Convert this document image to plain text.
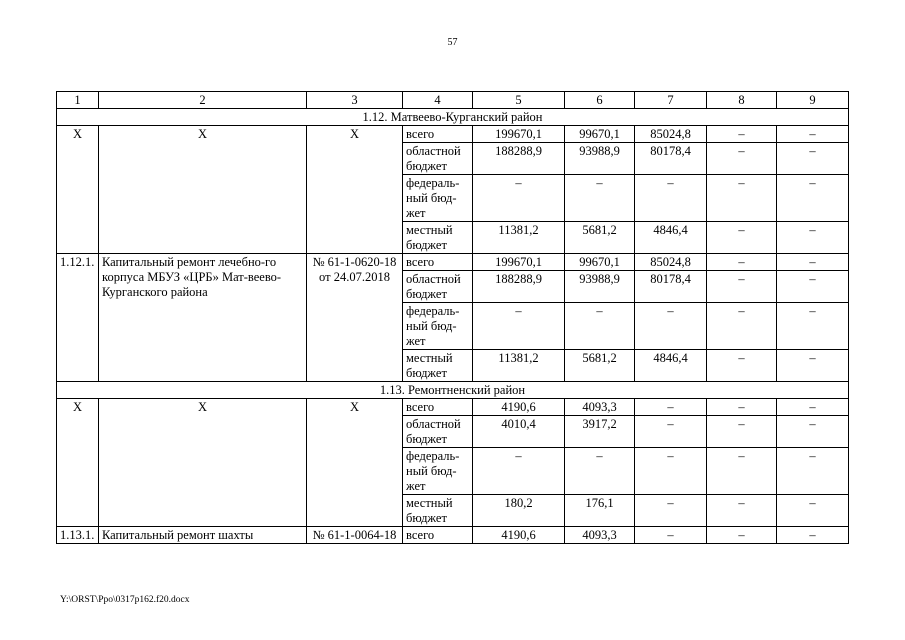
57
1	2	3	4	5	6	7	8	9
1.12. Матвеево-Курганский район								
Х	Х	Х	всего	199670,1	99670,1	85024,8	–	–
			областной бюджет	188288,9	93988,9	80178,4	–	–
			федераль-ный бюд-жет	–	–	–	–	–
			местный бюджет	11381,2	5681,2	4846,4	–	–
1.12.1.	Капитальный ремонт лечебно-го корпуса МБУЗ «ЦРБ» Мат-веево-Курганского района	№ 61-1-0620-18 от 24.07.2018	всего	199670,1	99670,1	85024,8	–	–
			областной бюджет	188288,9	93988,9	80178,4	–	–
			федераль-ный бюд-жет	–	–	–	–	–
			местный бюджет	11381,2	5681,2	4846,4	–	–
1.13. Ремонтненский район								
Х	Х	Х	всего	4190,6	4093,3	–	–	–
			областной бюджет	4010,4	3917,2	–	–	–
			федераль-ный бюд-жет	–	–	–	–	–
			местный бюджет	180,2	176,1	–	–	–
1.13.1.	Капитальный ремонт шахты	№ 61-1-0064-18	всего	4190,6	4093,3	–	–	–
Y:\ORST\Ppo\0317p162.f20.docx
